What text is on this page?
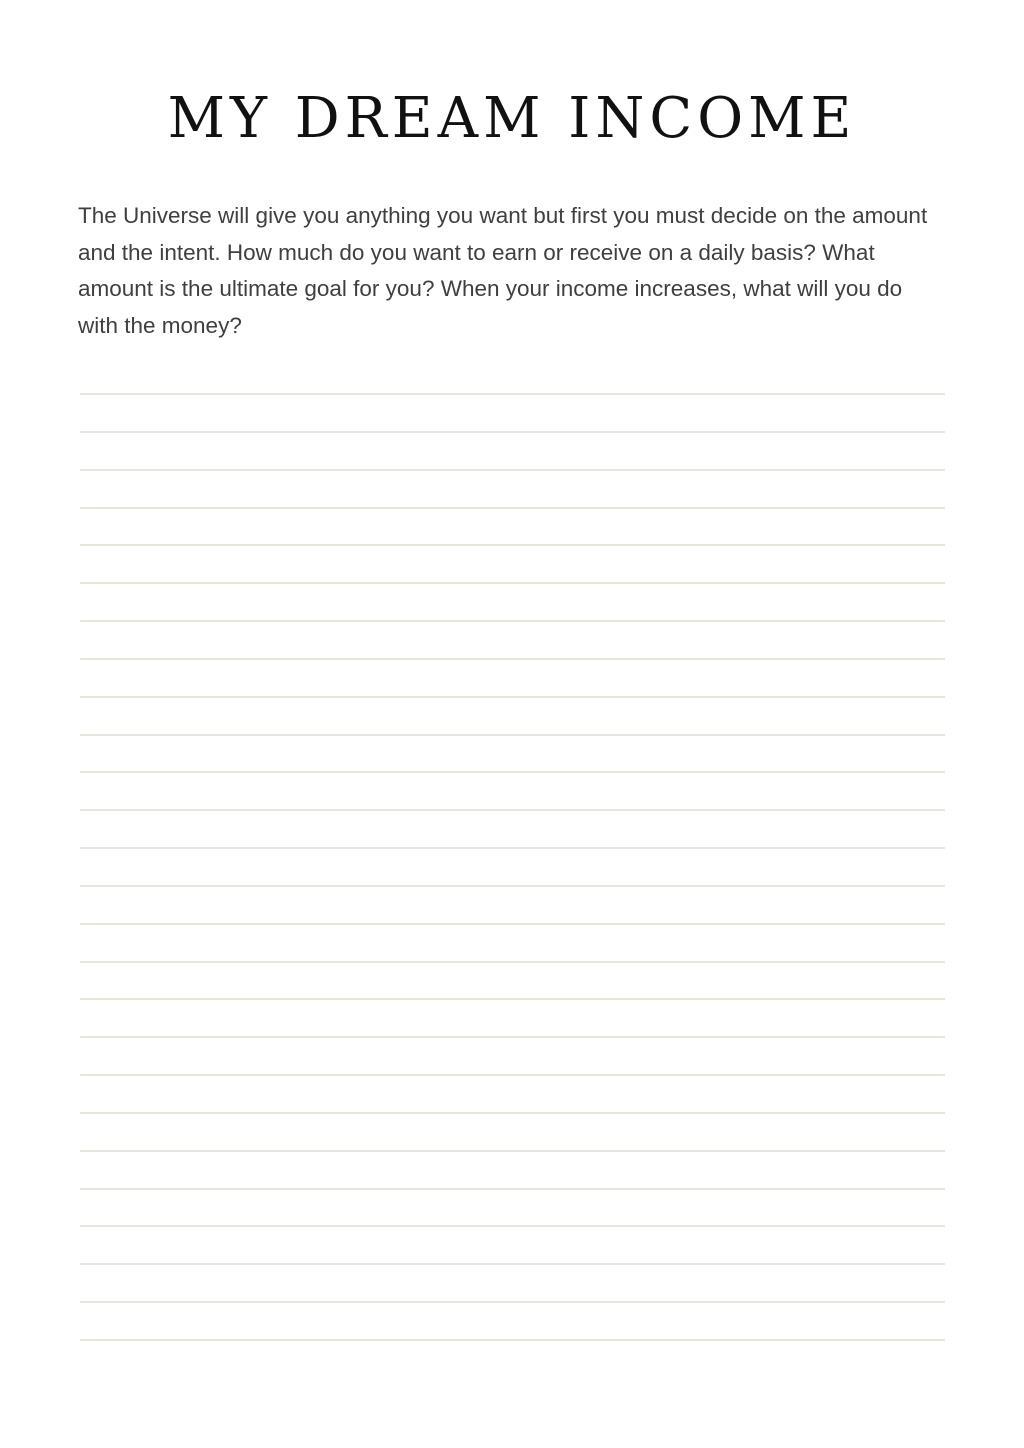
MY DREAM INCOME

The Universe will give you anything you want but first you must decide on the amount and the intent. How much do you want to earn or receive on a daily basis? What amount is the ultimate goal for you? When your income increases, what will you do with the money?
